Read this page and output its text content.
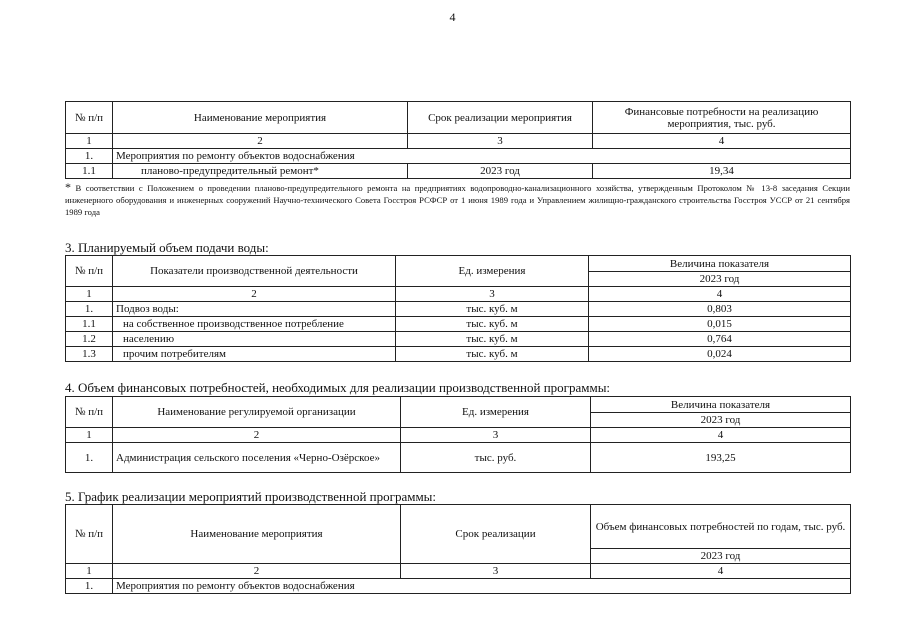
4
№ п/п	Наименование мероприятия	Срок реализации мероприятия	Финансовые потребности на реализацию мероприятия, тыс. руб.
1	2	3	4
1.	Мероприятия по ремонту объектов водоснабжения		
1.1	планово-предупредительный ремонт*	2023 год	19,34
* В соответствии с Положением о проведении планово-предупредительного ремонта на предприятиях водопроводно-канализационного хозяйства, утвержденным Протоколом № 13-8 заседания Секции инженерного оборудования и инженерных сооружений Научно-технического Совета Госстроя РСФСР от 1 июня 1989 года и Управлением жилищно-гражданского строительства Госстроя УССР от 21 сентября 1989 года
3. Планируемый объем подачи воды:
№ п/п	Показатели производственной деятельности	Ед. измерения	Величина показателя
			2023 год
1	2	3	4
1.	Подвоз воды:	тыс. куб. м	0,803
1.1	на собственное производственное потребление	тыс. куб. м	0,015
1.2	населению	тыс. куб. м	0,764
1.3	прочим потребителям	тыс. куб. м	0,024
4. Объем финансовых потребностей, необходимых для реализации производственной программы:
№ п/п	Наименование регулируемой организации	Ед. измерения	Величина показателя
			2023 год
1	2	3	4
1.	Администрация сельского поселения «Черно-Озёрское»	тыс. руб.	193,25
5. График реализации мероприятий производственной программы:
№ п/п	Наименование мероприятия	Срок реализации	Объем финансовых потребностей по годам, тыс. руб.
			2023 год
1	2	3	4
1.	Мероприятия по ремонту объектов водоснабжения		
